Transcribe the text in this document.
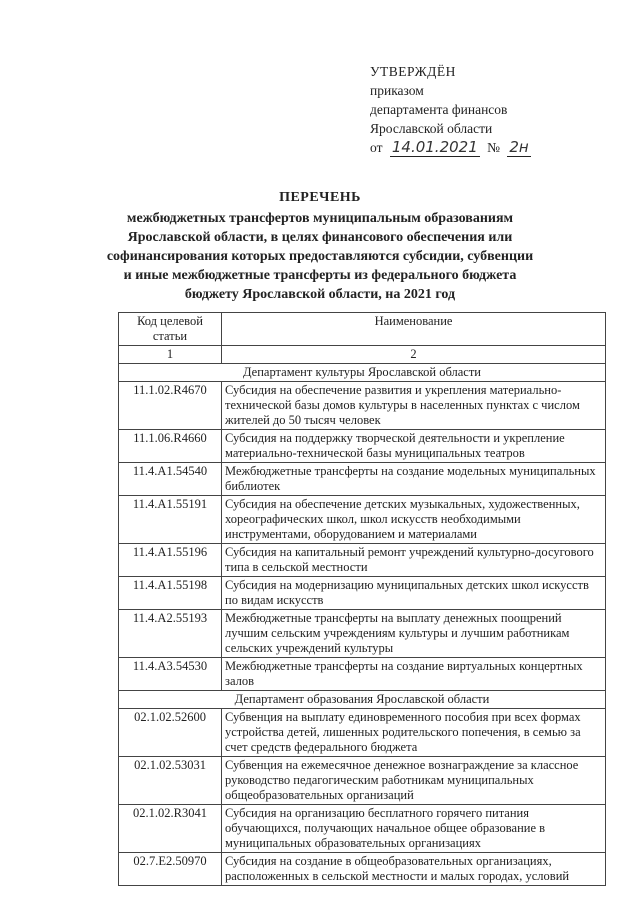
УТВЕРЖДЁН
приказом
департамента финансов
Ярославской области
от 14.01.2021 № 2н
ПЕРЕЧЕНЬ
межбюджетных трансфертов муниципальным образованиям
Ярославской области, в целях финансового обеспечения или
софинансирования которых предоставляются субсидии, субвенции
и иные межбюджетные трансферты из федерального бюджета
бюджету Ярославской области, на 2021 год
Код целевой статьи	Наименование
1	2
Департамент культуры Ярославской области	
11.1.02.R4670	Субсидия на обеспечение развития и укрепления материально-технической базы домов культуры в населенных пунктах с числом жителей до 50 тысяч человек
11.1.06.R4660	Субсидия на поддержку творческой деятельности и укрепление материально-технической базы муниципальных театров
11.4.A1.54540	Межбюджетные трансферты на создание модельных муниципальных библиотек
11.4.A1.55191	Субсидия на обеспечение детских музыкальных, художественных, хореографических школ, школ искусств необходимыми инструментами, оборудованием и материалами
11.4.A1.55196	Субсидия на капитальный ремонт учреждений культурно-досугового типа в сельской местности
11.4.A1.55198	Субсидия на модернизацию муниципальных детских школ искусств по видам искусств
11.4.A2.55193	Межбюджетные трансферты на выплату денежных поощрений лучшим сельским учреждениям культуры и лучшим работникам сельских учреждений культуры
11.4.A3.54530	Межбюджетные трансферты на создание виртуальных концертных залов
Департамент образования Ярославской области	
02.1.02.52600	Субвенция на выплату единовременного пособия при всех формах устройства детей, лишенных родительского попечения, в семью за счет средств федерального бюджета
02.1.02.53031	Субвенция на ежемесячное денежное вознаграждение за классное руководство педагогическим работникам муниципальных общеобразовательных организаций
02.1.02.R3041	Субсидия на организацию бесплатного горячего питания обучающихся, получающих начальное общее образование в муниципальных образовательных организациях
02.7.E2.50970	Субсидия на создание в общеобразовательных организациях, расположенных в сельской местности и малых городах, условий
